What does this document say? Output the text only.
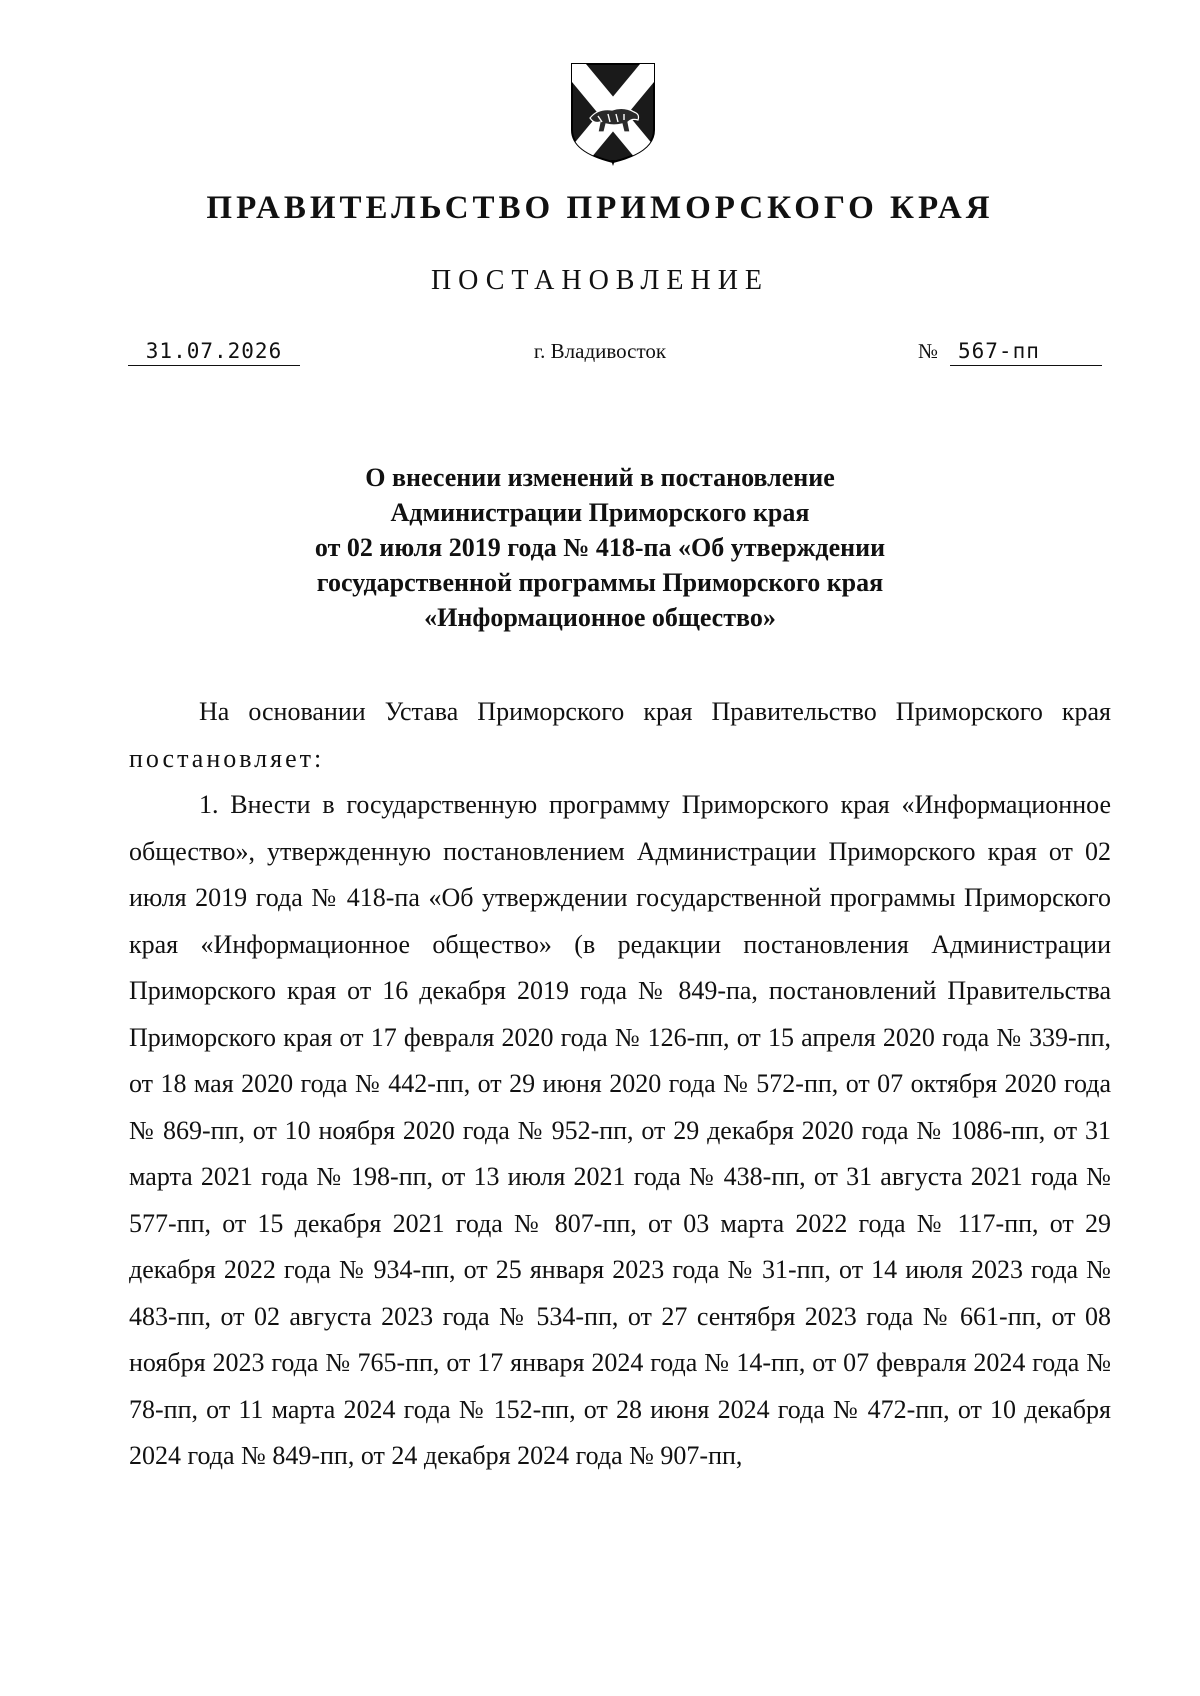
ПРАВИТЕЛЬСТВО ПРИМОРСКОГО КРАЯ
ПОСТАНОВЛЕНИЕ
31.07.2026	г. Владивосток	№ 567-пп
О внесении изменений в постановление
Администрации Приморского края
от 02 июля 2019 года № 418-па «Об утверждении
государственной программы Приморского края
«Информационное общество»

На основании Устава Приморского края Правительство Приморского края постановляет:

1. Внести в государственную программу Приморского края «Информационное общество», утвержденную постановлением Администрации Приморского края от 02 июля 2019 года № 418-па «Об утверждении государственной программы Приморского края «Информационное общество» (в редакции постановления Администрации Приморского края от 16 декабря 2019 года № 849-па, постановлений Правительства Приморского края от 17 февраля 2020 года № 126-пп, от 15 апреля 2020 года № 339-пп, от 18 мая 2020 года № 442-пп, от 29 июня 2020 года № 572-пп, от 07 октября 2020 года № 869-пп, от 10 ноября 2020 года № 952-пп, от 29 декабря 2020 года № 1086-пп, от 31 марта 2021 года № 198-пп, от 13 июля 2021 года № 438-пп, от 31 августа 2021 года № 577-пп, от 15 декабря 2021 года № 807-пп, от 03 марта 2022 года № 117-пп, от 29 декабря 2022 года № 934-пп, от 25 января 2023 года № 31-пп, от 14 июля 2023 года № 483-пп, от 02 августа 2023 года № 534-пп, от 27 сентября 2023 года № 661-пп, от 08 ноября 2023 года № 765-пп, от 17 января 2024 года № 14-пп, от 07 февраля 2024 года № 78-пп, от 11 марта 2024 года № 152-пп, от 28 июня 2024 года № 472-пп, от 10 декабря 2024 года № 849-пп, от 24 декабря 2024 года № 907-пп,
